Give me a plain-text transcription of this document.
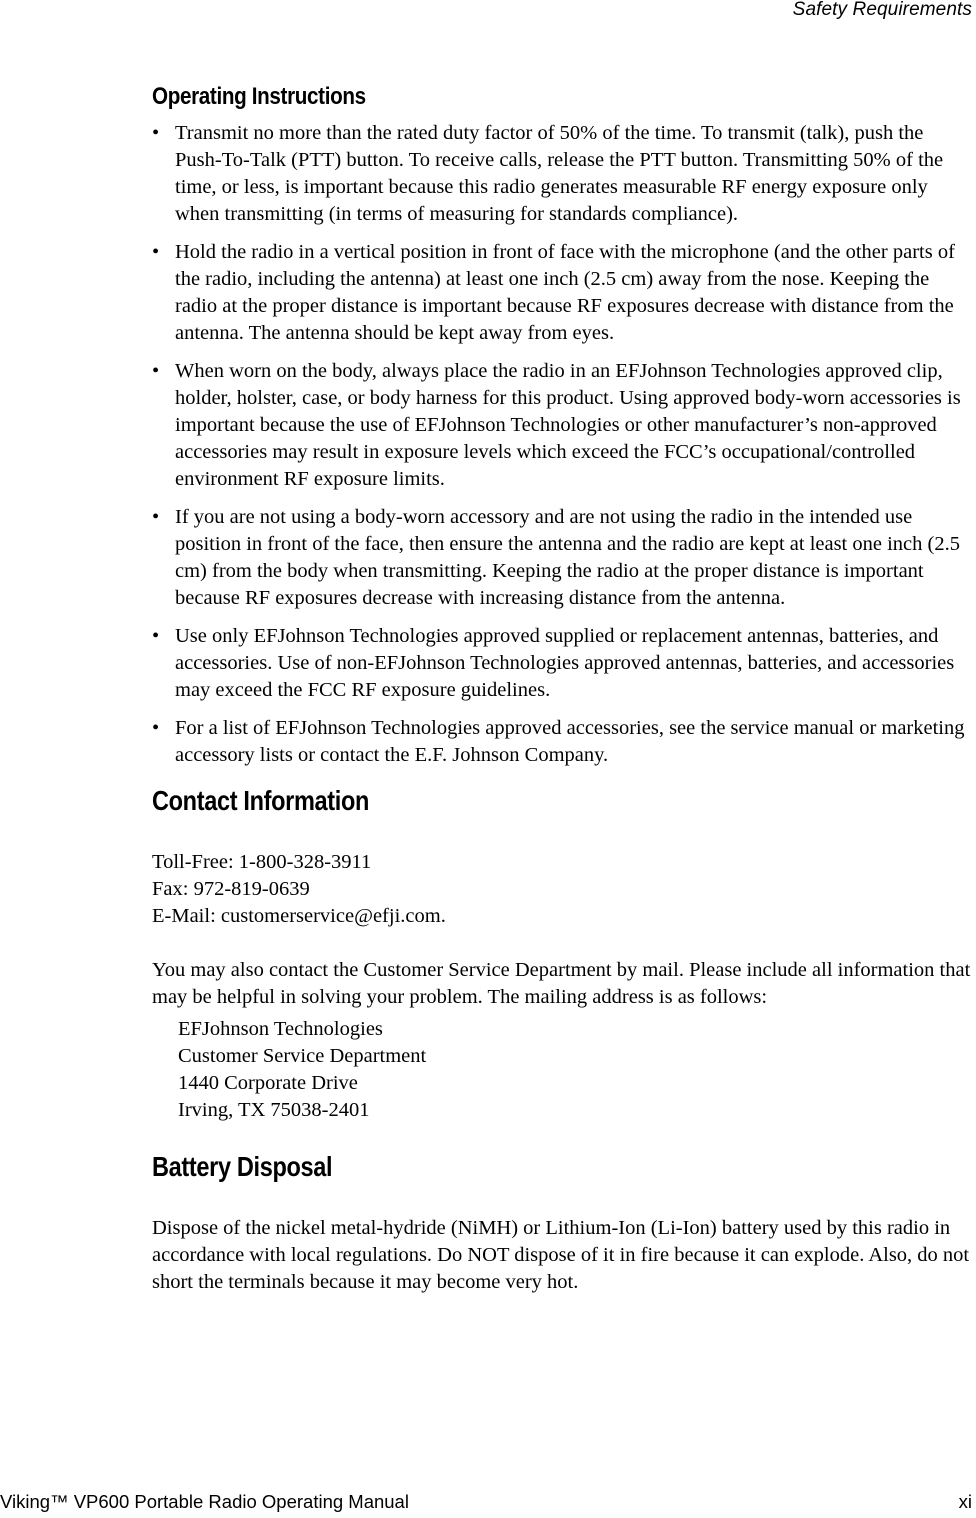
Safety Requirements
Operating Instructions
• Transmit no more than the rated duty factor of 50% of the time. To transmit (talk), push the Push-To-Talk (PTT) button. To receive calls, release the PTT button. Transmitting 50% of the time, or less, is important because this radio generates measurable RF energy exposure only when transmitting (in terms of measuring for standards compliance).
• Hold the radio in a vertical position in front of face with the microphone (and the other parts of the radio, including the antenna) at least one inch (2.5 cm) away from the nose. Keeping the radio at the proper distance is important because RF exposures decrease with distance from the antenna. The antenna should be kept away from eyes.
• When worn on the body, always place the radio in an EFJohnson Technologies approved clip, holder, holster, case, or body harness for this product. Using approved body-worn accessories is important because the use of EFJohnson Technologies or other manufacturer’s non-approved accessories may result in exposure levels which exceed the FCC’s occupational/controlled environment RF exposure limits.
• If you are not using a body-worn accessory and are not using the radio in the intended use position in front of the face, then ensure the antenna and the radio are kept at least one inch (2.5 cm) from the body when transmitting. Keeping the radio at the proper distance is important because RF exposures decrease with increasing distance from the antenna.
• Use only EFJohnson Technologies approved supplied or replacement antennas, batteries, and accessories. Use of non-EFJohnson Technologies approved antennas, batteries, and accessories may exceed the FCC RF exposure guidelines.
• For a list of EFJohnson Technologies approved accessories, see the service manual or marketing accessory lists or contact the E.F. Johnson Company.
Contact Information

Toll-Free: 1-800-328-3911

Fax: 972-819-0639

E-Mail: customerservice@efji.com.

You may also contact the Customer Service Department by mail. Please include all information that may be helpful in solving your problem. The mailing address is as follows:

EFJohnson Technologies

Customer Service Department

1440 Corporate Drive

Irving, TX 75038-2401

Battery Disposal

Dispose of the nickel metal-hydride (NiMH) or Lithium-Ion (Li-Ion) battery used by this radio in accordance with local regulations. Do NOT dispose of it in fire because it can explode. Also, do not short the terminals because it may become very hot.

Viking™ VP600 Portable Radio Operating Manual	xi
